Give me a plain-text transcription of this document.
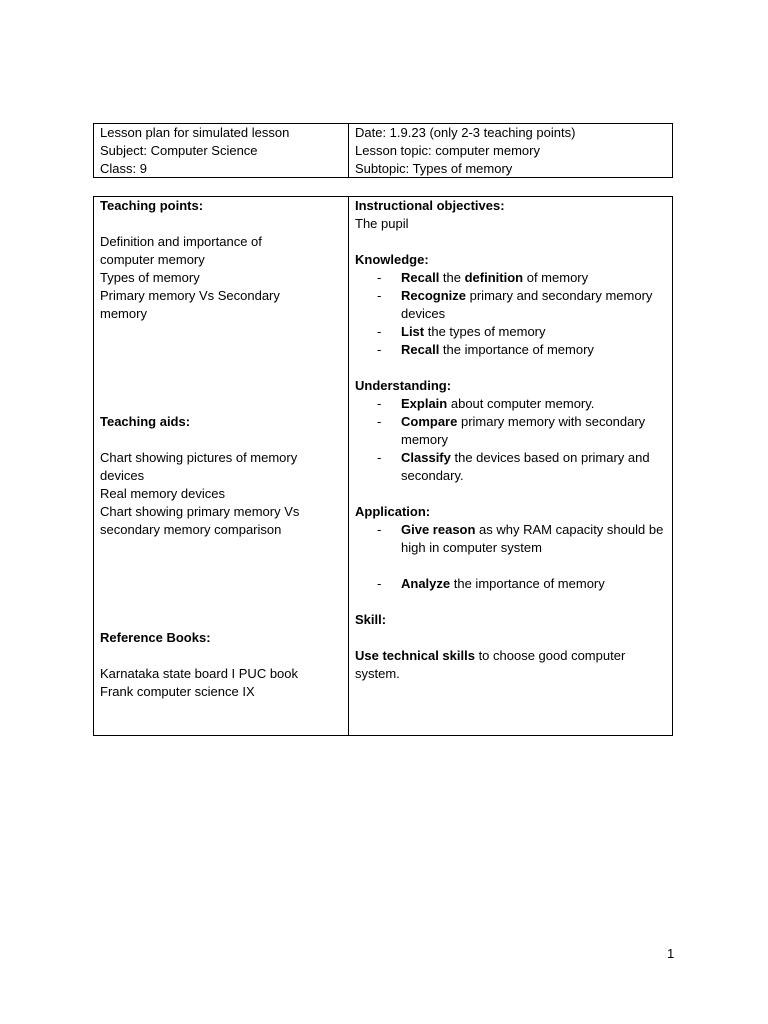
Lesson plan for simulated lesson
Subject: Computer Science
Class: 9
Date: 1.9.23 (only 2-3 teaching points)
Lesson topic: computer memory
Subtopic: Types of memory
Teaching points:
Definition and importance of
computer memory
Types of memory
Primary memory Vs Secondary
memory
Teaching aids:
Chart showing pictures of memory
devices
Real memory devices
Chart showing primary memory Vs
secondary memory comparison
Reference Books:
Karnataka state board I PUC book
Frank computer science IX
Instructional objectives:
The pupil
Knowledge:
- Recall the definition of memory
- Recognize primary and secondary memory devices
- List the types of memory
- Recall the importance of memory
Understanding:
- Explain about computer memory.
- Compare primary memory with secondary memory
- Classify the devices based on primary and secondary.
Application:
- Give reason as why RAM capacity should be high in computer system
- Analyze the importance of memory
Skill:
Use technical skills to choose good computer system.
1
